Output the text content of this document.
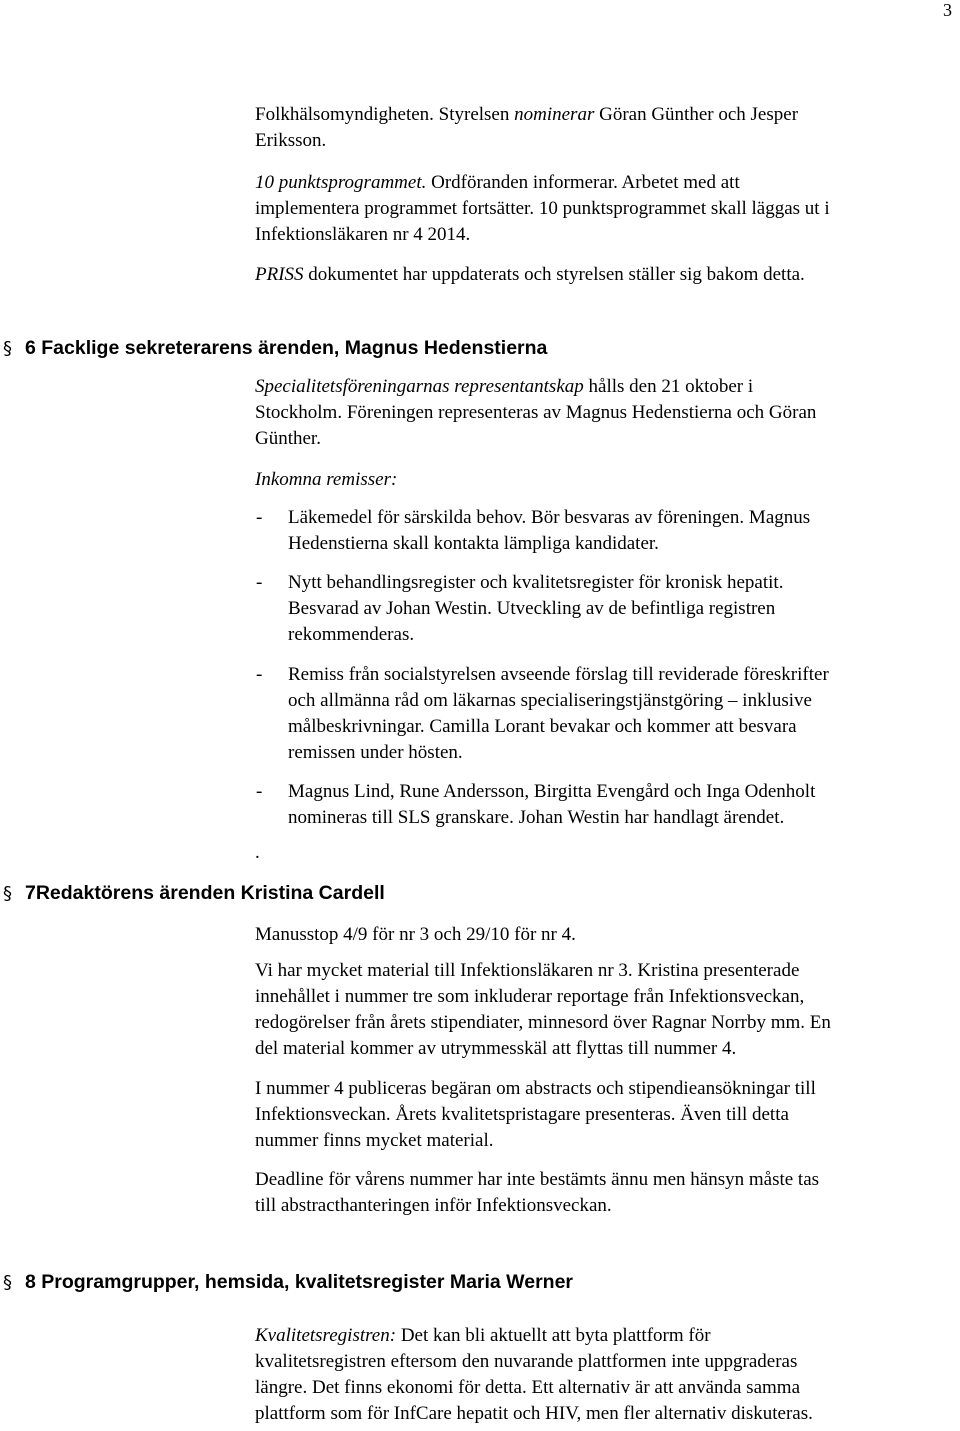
3
Folkhälsomyndigheten. Styrelsen nominerar Göran Günther och Jesper
Eriksson.
10 punktsprogrammet. Ordföranden informerar. Arbetet med att
implementera programmet fortsätter. 10 punktsprogrammet skall läggas ut i
Infektionsläkaren nr 4 2014.
PRISS dokumentet har uppdaterats och styrelsen ställer sig bakom detta.
§ 6 Facklige sekreterarens ärenden, Magnus Hedenstierna
Specialitetsföreningarnas representantskap hålls den 21 oktober i
Stockholm. Föreningen representeras av Magnus Hedenstierna och Göran
Günther.
Inkomna remisser:
- Läkemedel för särskilda behov. Bör besvaras av föreningen. Magnus
Hedenstierna skall kontakta lämpliga kandidater.
- Nytt behandlingsregister och kvalitetsregister för kronisk hepatit.
Besvarad av Johan Westin. Utveckling av de befintliga registren
rekommenderas.
- Remiss från socialstyrelsen avseende förslag till reviderade föreskrifter
och allmänna råd om läkarnas specialiseringstjänstgöring – inklusive
målbeskrivningar. Camilla Lorant bevakar och kommer att besvara
remissen under hösten.
- Magnus Lind, Rune Andersson, Birgitta Evengård och Inga Odenholt
nomineras till SLS granskare. Johan Westin har handlagt ärendet.
.
§ 7Redaktörens ärenden Kristina Cardell
Manusstop 4/9 för nr 3 och 29/10 för nr 4.
Vi har mycket material till Infektionsläkaren nr 3. Kristina presenterade
innehållet i nummer tre som inkluderar reportage från Infektionsveckan,
redogörelser från årets stipendiater, minnesord över Ragnar Norrby mm. En
del material kommer av utrymmesskäl att flyttas till nummer 4.
I nummer 4 publiceras begäran om abstracts och stipendieansökningar till
Infektionsveckan. Årets kvalitetspristagare presenteras. Även till detta
nummer finns mycket material.
Deadline för vårens nummer har inte bestämts ännu men hänsyn måste tas
till abstracthanteringen inför Infektionsveckan.
§ 8 Programgrupper, hemsida, kvalitetsregister Maria Werner
Kvalitetsregistren: Det kan bli aktuellt att byta plattform för
kvalitetsregistren eftersom den nuvarande plattformen inte uppgraderas
längre. Det finns ekonomi för detta. Ett alternativ är att använda samma
plattform som för InfCare hepatit och HIV, men fler alternativ diskuteras.
